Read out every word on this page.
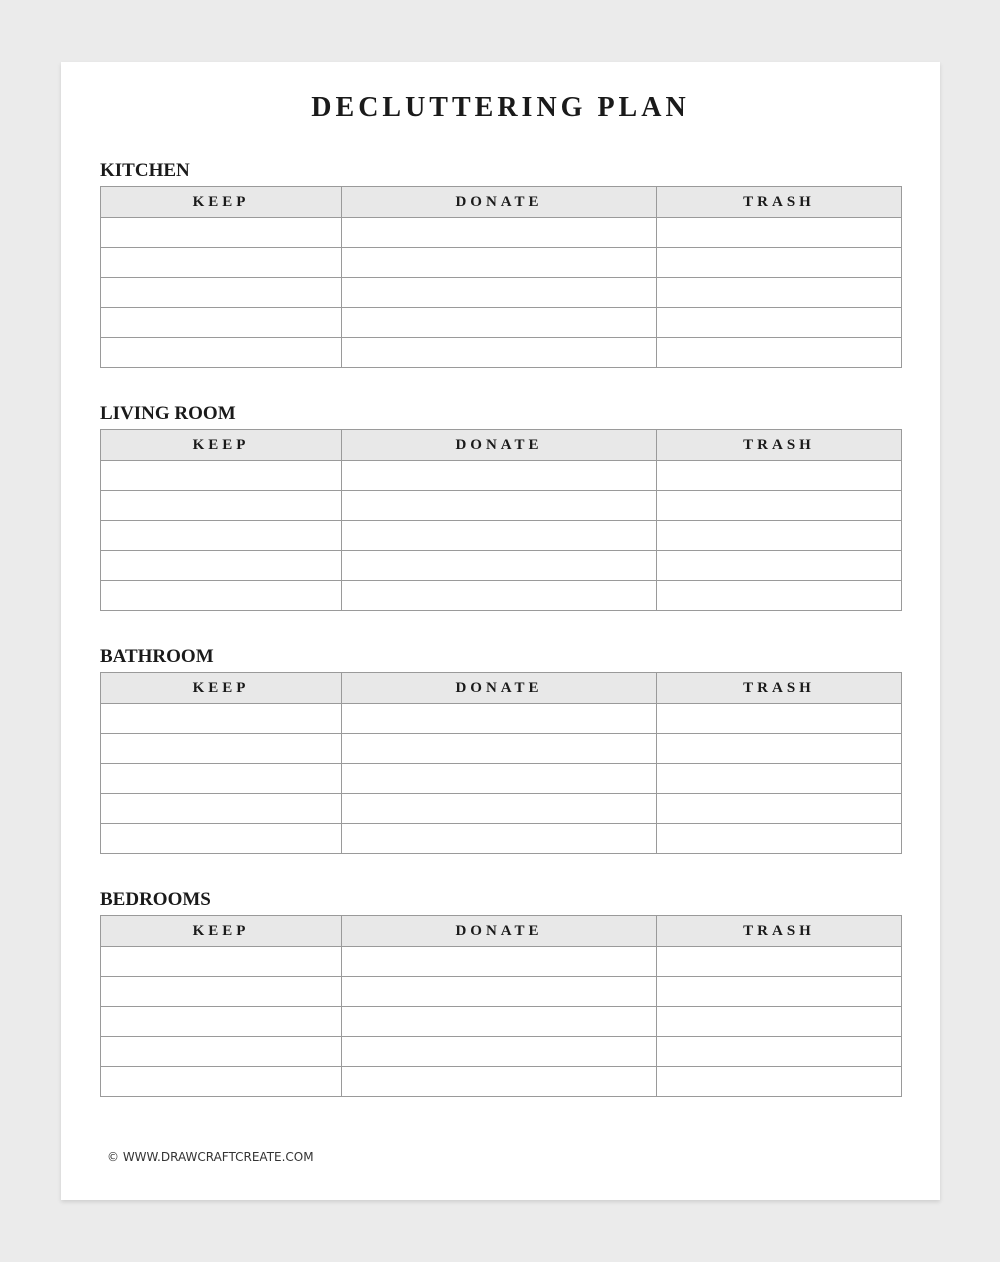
DECLUTTERING PLAN
KITCHEN
KEEP	DONATE	TRASH

LIVING ROOM
KEEP	DONATE	TRASH

BATHROOM
KEEP	DONATE	TRASH

BEDROOMS
KEEP	DONATE	TRASH

© WWW.DRAWCRAFTCREATE.COM
